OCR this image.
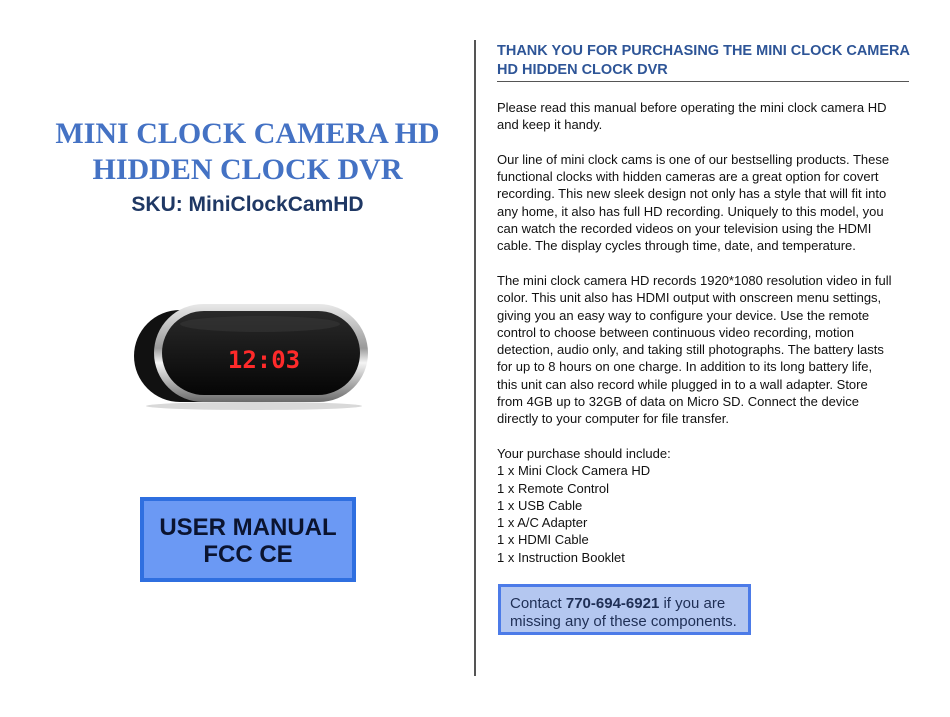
MINI CLOCK CAMERA HD
HIDDEN CLOCK DVR
SKU: MiniClockCamHD
12:03
USER MANUAL
FCC CE
THANK YOU FOR PURCHASING THE MINI CLOCK CAMERA
HD HIDDEN CLOCK DVR

Please read this manual before operating the mini clock camera HD
and keep it handy.

Our line of mini clock cams is one of our bestselling products. These
functional clocks with hidden cameras are a great option for covert
recording. This new sleek design not only has a style that will fit into
any home, it also has full HD recording. Uniquely to this model, you
can watch the recorded videos on your television using the HDMI
cable. The display cycles through time, date, and temperature.

The mini clock camera HD records 1920*1080 resolution video in full
color. This unit also has HDMI output with onscreen menu settings,
giving you an easy way to configure your device. Use the remote
control to choose between continuous video recording, motion
detection, audio only, and taking still photographs. The battery lasts
for up to 8 hours on one charge. In addition to its long battery life,
this unit can also record while plugged in to a wall adapter. Store
from 4GB up to 32GB of data on Micro SD. Connect the device
directly to your computer for file transfer.

Your purchase should include:
1 x Mini Clock Camera HD
1 x Remote Control
1 x USB Cable
1 x A/C Adapter
1 x HDMI Cable
1 x Instruction Booklet
Contact 770-694-6921 if you are
missing any of these components.
